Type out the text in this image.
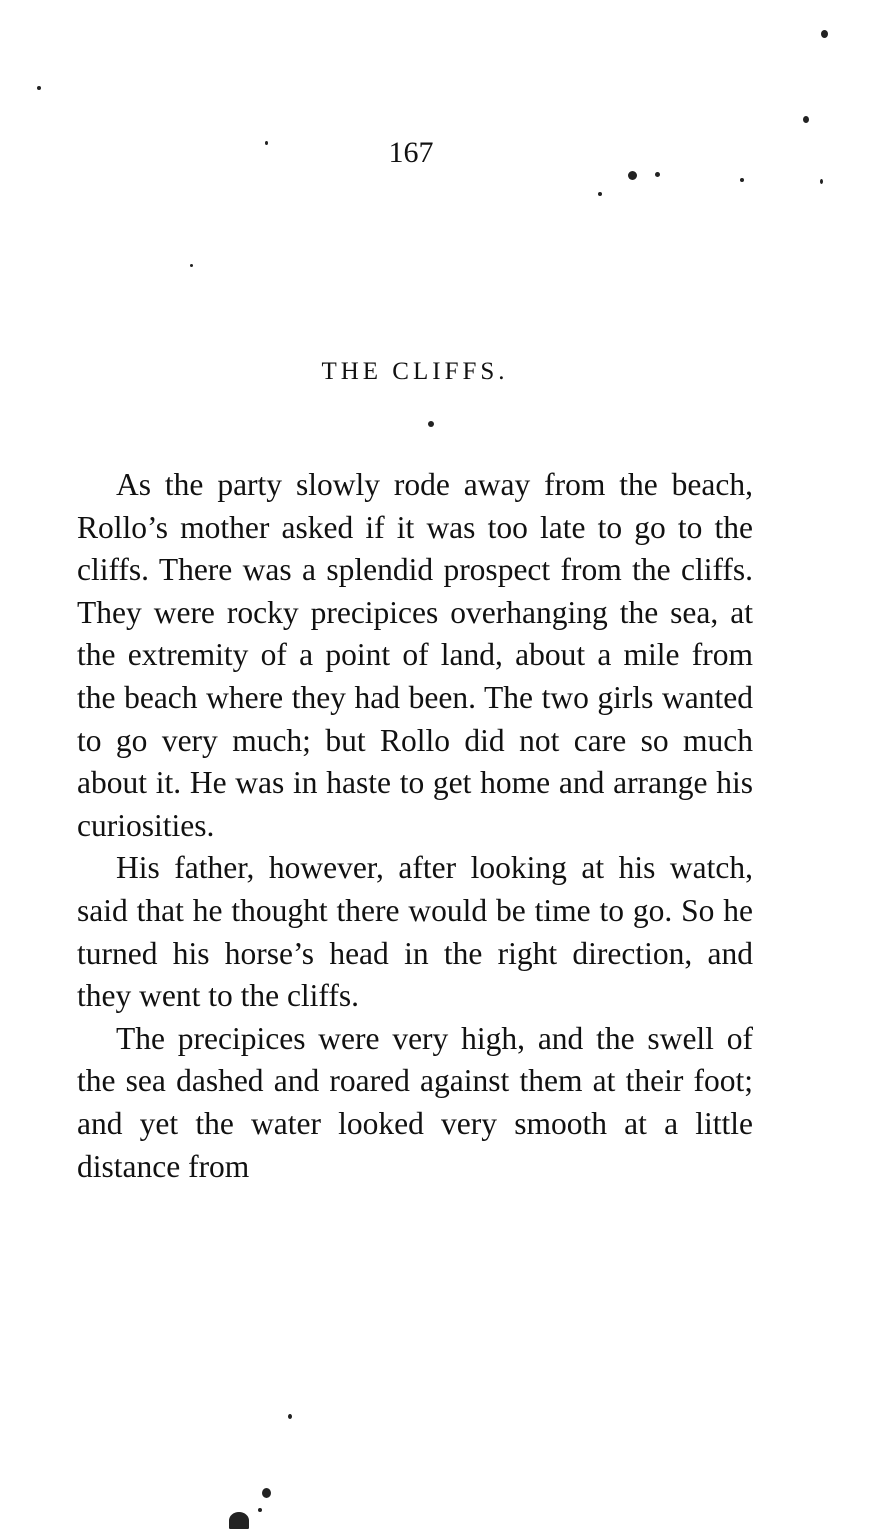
167
THE CLIFFS.

As the party slowly rode away from the beach, Rollo’s mother asked if it was too late to go to the cliffs. There was a splendid prospect from the cliffs. They were rocky precipices overhanging the sea, at the extremity of a point of land, about a mile from the beach where they had been. The two girls wanted to go very much; but Rollo did not care so much about it. He was in haste to get home and arrange his curiosities.

His father, however, after looking at his watch, said that he thought there would be time to go. So he turned his horse’s head in the right direction, and they went to the cliffs.

The precipices were very high, and the swell of the sea dashed and roared against them at their foot; and yet the water looked very smooth at a little distance from
